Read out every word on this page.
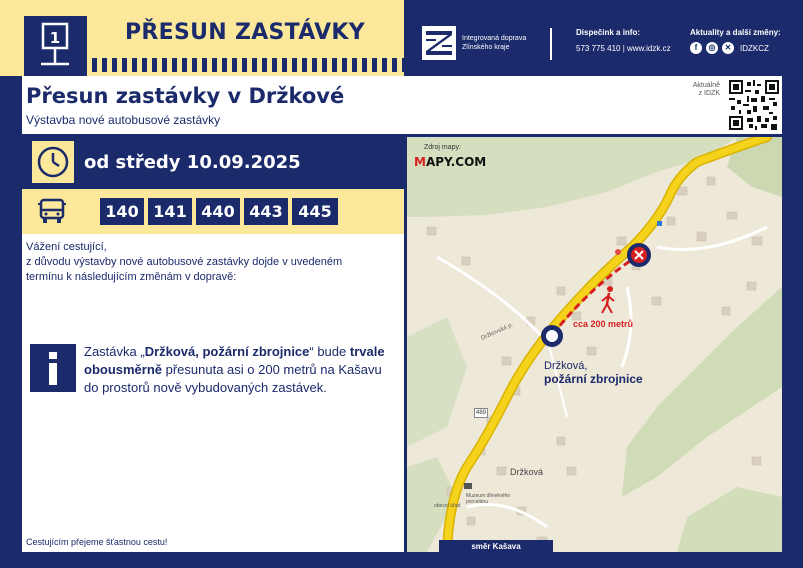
1	PŘESUN ZASTÁVKY	Integrovaná doprava
Zlínského kraje
Dispečink a info:
573 775 410 | www.idzk.cz
Aktuality a další změny:
f	◎	✕	IDZKCZ
Přesun zastávky v Držkové
Výstavba nové autobusové zastávky
Aktuálně
z IDZK
od středy 10.09.2025
140 141 440 443 445
Vážení cestující,
z důvodu výstavby nové autobusové zastávky dojde v uvedeném
termínu k následujícím změnám v dopravě:
Zastávka „Držková, požární zbrojnice“ bude trvale obousměrně přesunuta asi o 200 metrů na Kašavu do prostorů nově vybudovaných zastávek.
Cestujícím přejeme šťastnou cestu!
Zdroj mapy:
MAPY.COM
Držkovské p.	cca 200 metrů
Držková,
požární zbrojnice
489
Držková
Muzeum dřevěného
porcelánu
obecní úřad
směr Kašava
